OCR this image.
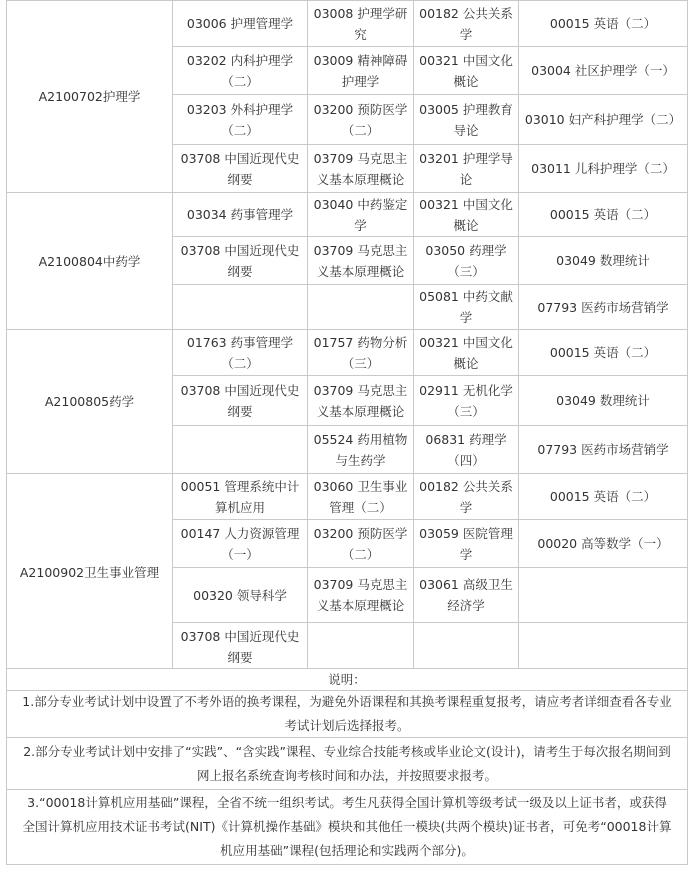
A2100702护理学
03006 护理管理学
03008 护理学研究
00182 公共关系学
00015 英语（二）
03202 内科护理学（二）
03009 精神障碍护理学
00321 中国文化概论
03004 社区护理学（一）
03203 外科护理学（二）
03200 预防医学（二）
03005 护理教育导论
03010 妇产科护理学（二）
03708 中国近现代史纲要
03709 马克思主义基本原理概论
03201 护理学导论
03011 儿科护理学（二）
A2100804中药学
03034 药事管理学
03040 中药鉴定学
00321 中国文化概论
00015 英语（二）
03708 中国近现代史纲要
03709 马克思主义基本原理概论
03050 药理学（三）
03049 数理统计
05081 中药文献学
07793 医药市场营销学
A2100805药学
01763 药事管理学（二）
01757 药物分析（三）
00321 中国文化概论
00015 英语（二）
03708 中国近现代史纲要
03709 马克思主义基本原理概论
02911 无机化学（三）
03049 数理统计
05524 药用植物与生药学
06831 药理学（四）
07793 医药市场营销学
A2100902卫生事业管理
00051 管理系统中计算机应用
03060 卫生事业管理（二）
00182 公共关系学
00015 英语（二）
00147 人力资源管理（一）
03200 预防医学（二）
03059 医院管理学
00020 高等数学（一）
00320 领导科学
03709 马克思主义基本原理概论
03061 高级卫生经济学
03708 中国近现代史纲要
说明：
1.部分专业考试计划中设置了不考外语的换考课程，为避免外语课程和其换考课程重复报考，请应考者详细查看各专业考试计划后选择报考。
2.部分专业考试计划中安排了“实践”、“含实践”课程、专业综合技能考核或毕业论文(设计)，请考生于每次报名期间到网上报名系统查询考核时间和办法，并按照要求报考。
3.“00018计算机应用基础”课程，全省不统一组织考试。考生凡获得全国计算机等级考试一级及以上证书者，或获得全国计算机应用技术证书考试(NIT)《计算机操作基础》模块和其他任一模块(共两个模块)证书者，可免考“00018计算机应用基础”课程(包括理论和实践两个部分)。
